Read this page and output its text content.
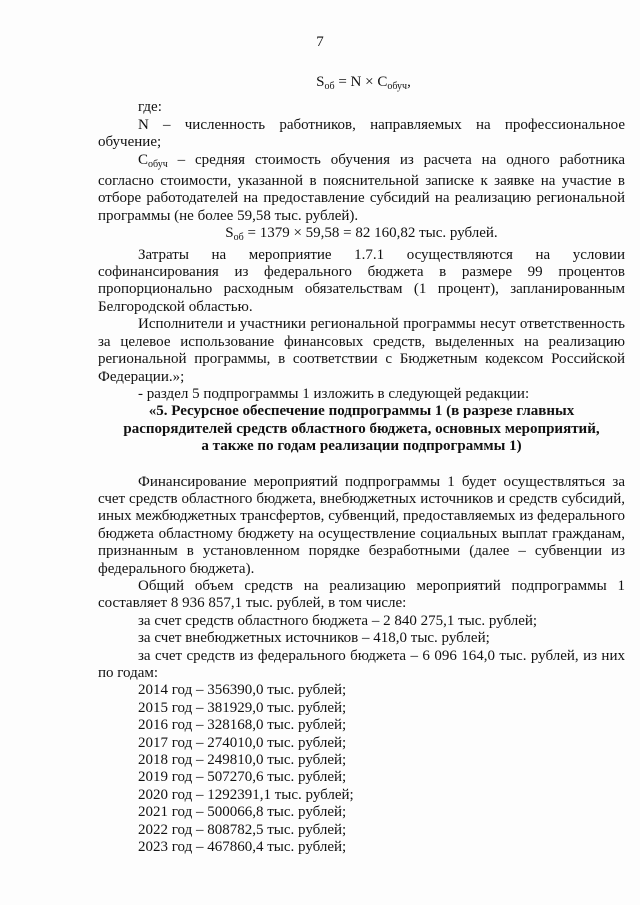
7

$S_{об} = N \times C_{обуч}$,

где:

N – численность работников, направляемых на профессиональное обучение;

$С_{обуч}$ – средняя стоимость обучения из расчета на одного работника согласно стоимости, указанной в пояснительной записке к заявке на участие в отборе работодателей на предоставление субсидий на реализацию региональной программы (не более 59,58 тыс. рублей).

$S_{об} = 1379 \times 59,58 = 82$ 160,82 тыс. рублей.

Затраты на мероприятие 1.7.1 осуществляются на условии софинансирования из федерального бюджета в размере 99 процентов пропорционально расходным обязательствам (1 процент), запланированным Белгородской областью.

Исполнители и участники региональной программы несут ответственность за целевое использование финансовых средств, выделенных на реализацию региональной программы, в соответствии с Бюджетным кодексом Российской Федерации.»;

- раздел 5 подпрограммы 1 изложить в следующей редакции:

«5. Ресурсное обеспечение подпрограммы 1 (в разрезе главных

распорядителей средств областного бюджета, основных мероприятий,

а также по годам реализации подпрограммы 1)

Финансирование мероприятий подпрограммы 1 будет осуществляться за счет средств областного бюджета, внебюджетных источников и средств субсидий, иных межбюджетных трансфертов, субвенций, предоставляемых из федерального бюджета областному бюджету на осуществление социальных выплат гражданам, признанным в установленном порядке безработными (далее – субвенции из федерального бюджета).

Общий объем средств на реализацию мероприятий подпрограммы 1 составляет 8 936 857,1 тыс. рублей, в том числе:

за счет средств областного бюджета – 2 840 275,1 тыс. рублей;

за счет внебюджетных источников – 418,0 тыс. рублей;

за счет средств из федерального бюджета – 6 096 164,0 тыс. рублей, из них по годам:

2014 год – 356390,0 тыс. рублей;

2015 год – 381929,0 тыс. рублей;

2016 год – 328168,0 тыс. рублей;

2017 год – 274010,0 тыс. рублей;

2018 год – 249810,0 тыс. рублей;

2019 год – 507270,6 тыс. рублей;

2020 год – 1292391,1 тыс. рублей;

2021 год – 500066,8 тыс. рублей;

2022 год – 808782,5 тыс. рублей;

2023 год – 467860,4 тыс. рублей;
